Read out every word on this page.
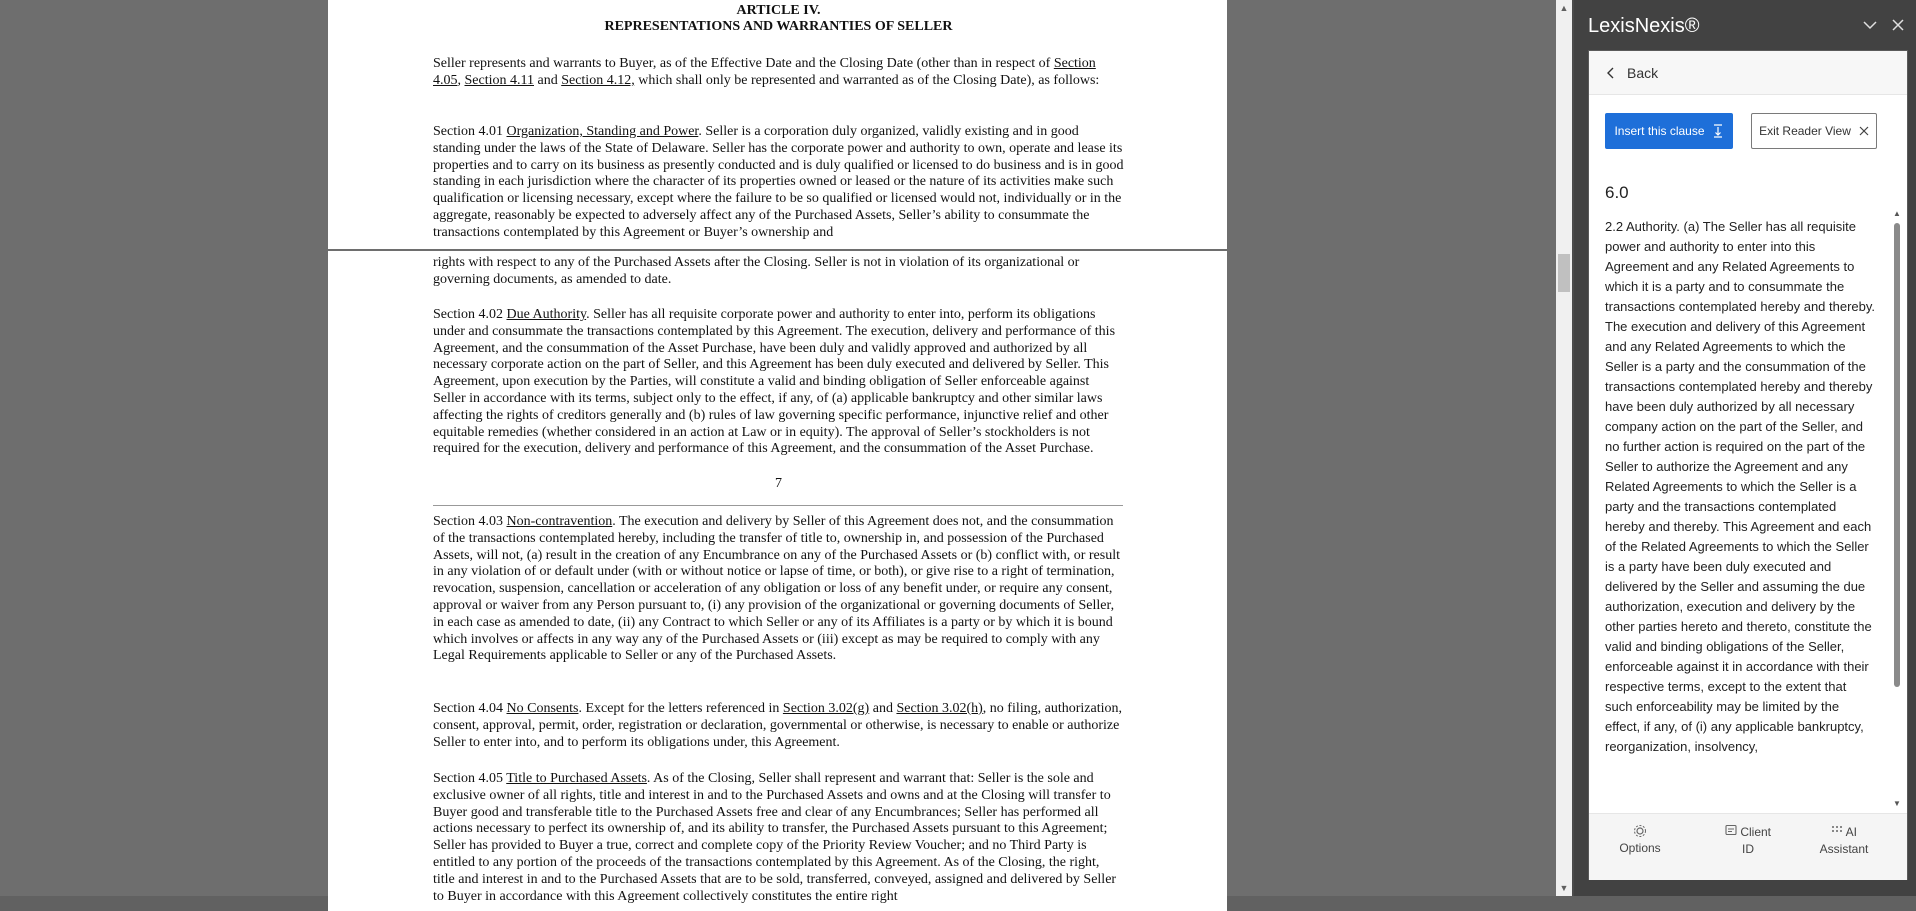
ARTICLE IV.
REPRESENTATIONS AND WARRANTIES OF SELLER

Seller represents and warrants to Buyer, as of the Effective Date and the Closing Date (other than in respect of Section 4.05, Section 4.11 and Section 4.12, which shall only be represented and warranted as of the Closing Date), as follows:

Section 4.01 Organization, Standing and Power. Seller is a corporation duly organized, validly existing and in good standing under the laws of the State of Delaware. Seller has the corporate power and authority to own, operate and lease its properties and to carry on its business as presently conducted and is duly qualified or licensed to do business and is in good standing in each jurisdiction where the character of its properties owned or leased or the nature of its activities make such qualification or licensing necessary, except where the failure to be so qualified or licensed would not, individually or in the aggregate, reasonably be expected to adversely affect any of the Purchased Assets, Seller’s ability to consummate the transactions contemplated by this Agreement or Buyer’s ownership and

rights with respect to any of the Purchased Assets after the Closing. Seller is not in violation of its organizational or governing documents, as amended to date.

Section 4.02 Due Authority. Seller has all requisite corporate power and authority to enter into, perform its obligations under and consummate the transactions contemplated by this Agreement. The execution, delivery and performance of this Agreement, and the consummation of the Asset Purchase, have been duly and validly approved and authorized by all necessary corporate action on the part of Seller, and this Agreement has been duly executed and delivered by Seller. This Agreement, upon execution by the Parties, will constitute a valid and binding obligation of Seller enforceable against Seller in accordance with its terms, subject only to the effect, if any, of (a) applicable bankruptcy and other similar laws affecting the rights of creditors generally and (b) rules of law governing specific performance, injunctive relief and other equitable remedies (whether considered in an action at Law or in equity). The approval of Seller’s stockholders is not required for the execution, delivery and performance of this Agreement, and the consummation of the Asset Purchase.

7

Section 4.03 Non-contravention. The execution and delivery by Seller of this Agreement does not, and the consummation of the transactions contemplated hereby, including the transfer of title to, ownership in, and possession of the Purchased Assets, will not, (a) result in the creation of any Encumbrance on any of the Purchased Assets or (b) conflict with, or result in any violation of or default under (with or without notice or lapse of time, or both), or give rise to a right of termination, revocation, suspension, cancellation or acceleration of any obligation or loss of any benefit under, or require any consent, approval or waiver from any Person pursuant to, (i) any provision of the organizational or governing documents of Seller, in each case as amended to date, (ii) any Contract to which Seller or any of its Affiliates is a party or by which it is bound which involves or affects in any way any of the Purchased Assets or (iii) except as may be required to comply with any Legal Requirements applicable to Seller or any of the Purchased Assets.

Section 4.04 No Consents. Except for the letters referenced in Section 3.02(g) and Section 3.02(h), no filing, authorization, consent, approval, permit, order, registration or declaration, governmental or otherwise, is necessary to enable or authorize Seller to enter into, and to perform its obligations under, this Agreement.

Section 4.05 Title to Purchased Assets. As of the Closing, Seller shall represent and warrant that: Seller is the sole and exclusive owner of all rights, title and interest in and to the Purchased Assets and owns and at the Closing will transfer to Buyer good and transferable title to the Purchased Assets free and clear of any Encumbrances; Seller has performed all actions necessary to perfect its ownership of, and its ability to transfer, the Purchased Assets pursuant to this Agreement; Seller has provided to Buyer a true, correct and complete copy of the Priority Review Voucher; and no Third Party is entitled to any portion of the proceeds of the transactions contemplated by this Agreement. As of the Closing, the right, title and interest in and to the Purchased Assets that are to be sold, transferred, conveyed, assigned and delivered by Seller to Buyer in accordance with this Agreement collectively constitutes the entire right

▲
▼
LexisNexis®
Back
Insert this clause	Exit Reader View
6.0
2.2 Authority. (a) The Seller has all requisite power and authority to enter into this Agreement and any Related Agreements to which it is a party and to consummate the transactions contemplated hereby and thereby. The execution and delivery of this Agreement and any Related Agreements to which the Seller is a party and the consummation of the transactions contemplated hereby and thereby have been duly authorized by all necessary company action on the part of the Seller, and no further action is required on the part of the Seller to authorize the Agreement and any Related Agreements to which the Seller is a party and the transactions contemplated hereby and thereby. This Agreement and each of the Related Agreements to which the Seller is a party have been duly executed and delivered by the Seller and assuming the due authorization, execution and delivery by the other parties hereto and thereto, constitute the valid and binding obligations of the Seller, enforceable against it in accordance with their respective terms, except to the extent that such enforceability may be limited by the effect, if any, of (i) any applicable bankruptcy, reorganization, insolvency,
▲
▼
Options
Client
ID
AI
Assistant
